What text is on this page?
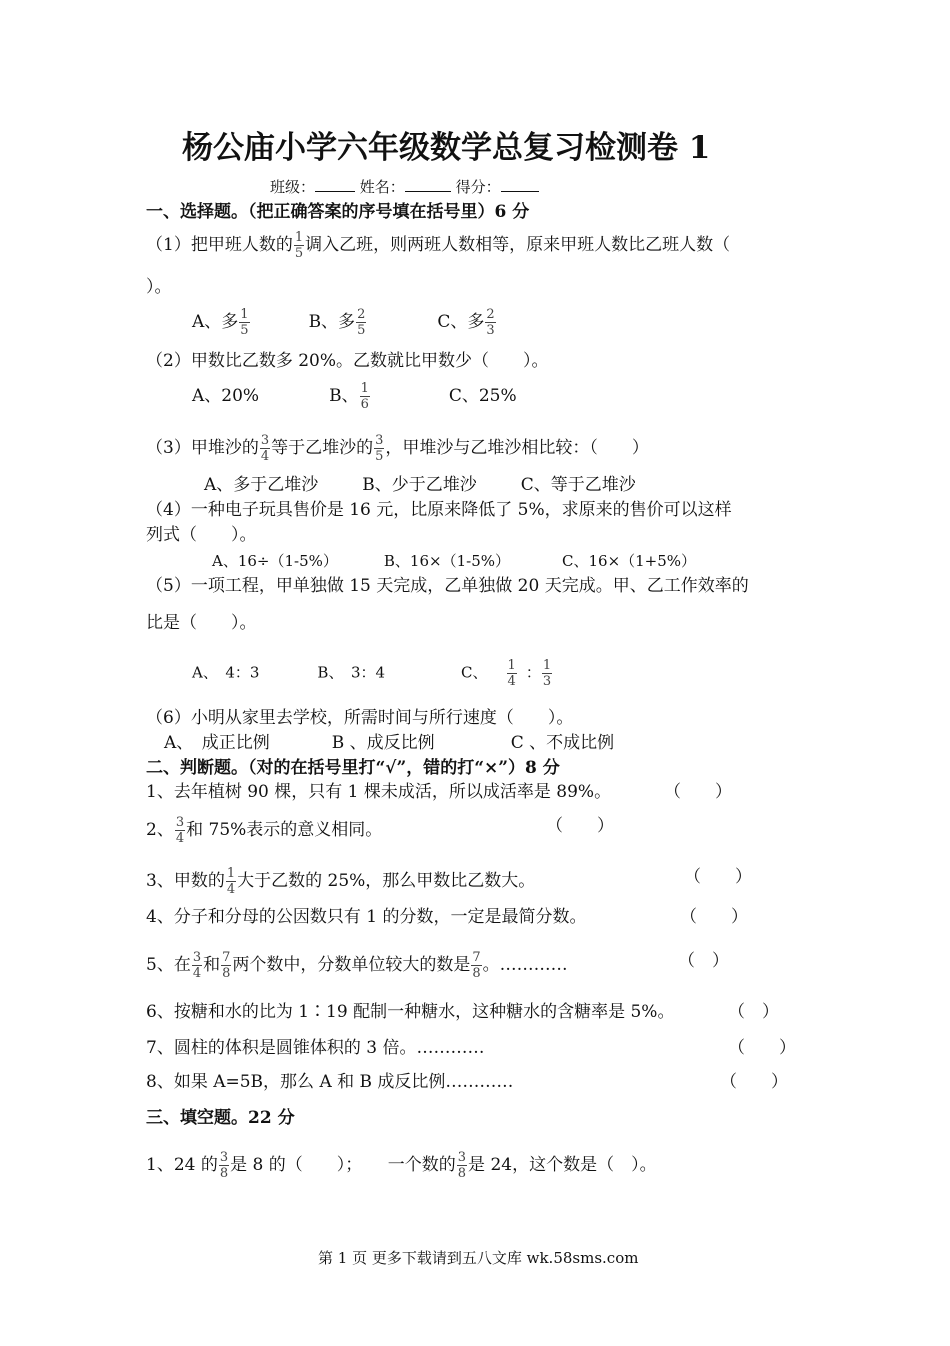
杨公庙小学六年级数学总复习检测卷 1
班级：	姓名：	得分：
一、选择题。（把正确答案的序号填在括号里）6 分
（1）把甲班人数的 $\frac{1}{5}$ 调入乙班，则两班人数相等，原来甲班人数比乙班人数（
）。
A、多 $\frac{1}{5}$	B、多 $\frac{2}{5}$	C、多 $\frac{2}{3}$
（2）甲数比乙数多 20%。乙数就比甲数少（　　）。
A、20%	B、 $\frac{1}{6}$	C、25%
（3）甲堆沙的 $\frac{3}{4}$ 等于乙堆沙的 $\frac{3}{5}$ ，甲堆沙与乙堆沙相比较：（　　）
A、多于乙堆沙	B、少于乙堆沙	C、等于乙堆沙
（4）一种电子玩具售价是 16 元，比原来降低了 5%，求原来的售价可以这样
列式（　　）。
A、16÷（1-5%）	B、16×（1-5%）	C、16×（1+5%）
（5）一项工程，甲单独做 15 天完成，乙单独做 20 天完成。甲、乙工作效率的
比是（　　）。
A、　4：3	B、　3：4	C、 $\frac{1}{4}$ ： $\frac{1}{3}$
（6）小明从家里去学校，所需时间与所行速度（　　）。
A、　成正比例	B 、成反比例	C 、不成比例
二、判断题。（对的在括号里打“√”，错的打“×”）8 分
1、去年植树 90 棵，只有 1 棵未成活，所以成活率是 89%。	（　　）
2、 $\frac{3}{4}$ 和 75%表示的意义相同。	（　　）
3、甲数的 $\frac{1}{4}$ 大于乙数的 25%，那么甲数比乙数大。	（　　）
4、分子和分母的公因数只有 1 的分数，一定是最简分数。	（　　）
5、在 $\frac{3}{4}$ 和 $\frac{7}{8}$ 两个数中，分数单位较大的数是 $\frac{7}{8}$ 。…………	（　）
6、按糖和水的比为 1∶19 配制一种糖水，这种糖水的含糖率是 5%。	（　）
7、圆柱的体积是圆锥体积的 3 倍。…………	（　　）
8、如果 A=5B，那么 A 和 B 成反比例…………	（　　）
三、填空题。22 分
1、24 的 $\frac{3}{8}$ 是 8 的（　　）；　　一个数的 $\frac{3}{8}$ 是 24，这个数是（　）。
第 1 页 更多下载请到五八文库 wk.58sms.com
